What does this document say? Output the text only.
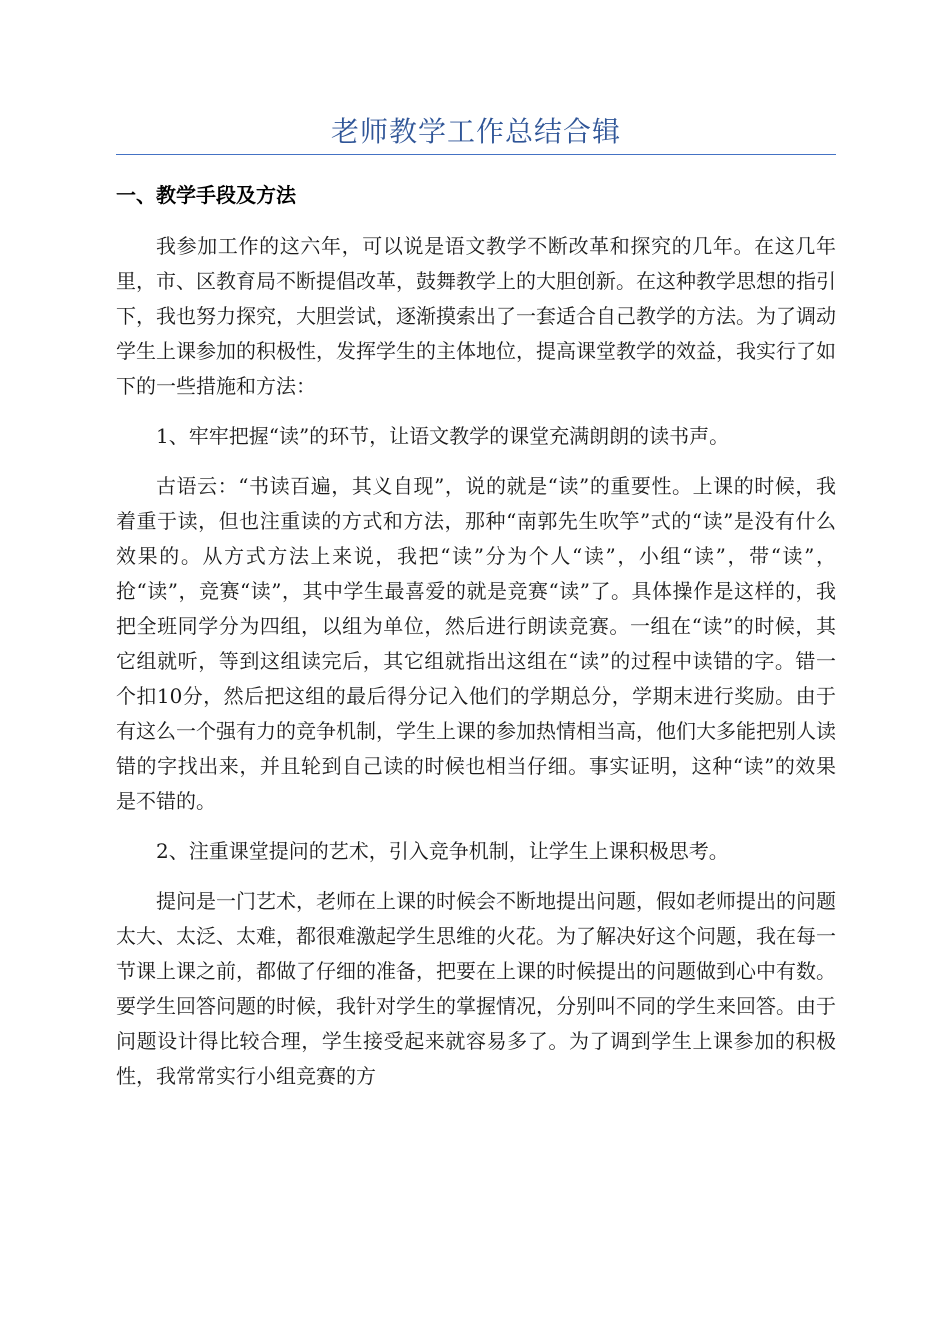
老师教学工作总结合辑
一、教学手段及方法

我参加工作的这六年，可以说是语文教学不断改革和探究的几年。在这几年里，市、区教育局不断提倡改革，鼓舞教学上的大胆创新。在这种教学思想的指引下，我也努力探究，大胆尝试，逐渐摸索出了一套适合自己教学的方法。为了调动学生上课参加的积极性，发挥学生的主体地位，提高课堂教学的效益，我实行了如下的一些措施和方法：

1、牢牢把握“读”的环节，让语文教学的课堂充满朗朗的读书声。

古语云：“书读百遍，其义自现”，说的就是“读”的重要性。上课的时候，我着重于读，但也注重读的方式和方法，那种“南郭先生吹竽”式的“读”是没有什么效果的。从方式方法上来说，我把“读”分为个人“读”，小组“读”，带“读”，抢“读”，竞赛“读”，其中学生最喜爱的就是竞赛“读”了。具体操作是这样的，我把全班同学分为四组，以组为单位，然后进行朗读竞赛。一组在“读”的时候，其它组就听，等到这组读完后，其它组就指出这组在“读”的过程中读错的字。错一个扣10分，然后把这组的最后得分记入他们的学期总分，学期末进行奖励。由于有这么一个强有力的竞争机制，学生上课的参加热情相当高，他们大多能把别人读错的字找出来，并且轮到自己读的时候也相当仔细。事实证明，这种“读”的效果是不错的。

2、注重课堂提问的艺术，引入竞争机制，让学生上课积极思考。

提问是一门艺术，老师在上课的时候会不断地提出问题，假如老师提出的问题太大、太泛、太难，都很难激起学生思维的火花。为了解决好这个问题，我在每一节课上课之前，都做了仔细的准备，把要在上课的时候提出的问题做到心中有数。要学生回答问题的时候，我针对学生的掌握情况，分别叫不同的学生来回答。由于问题设计得比较合理，学生接受起来就容易多了。为了调到学生上课参加的积极性，我常常实行小组竞赛的方
